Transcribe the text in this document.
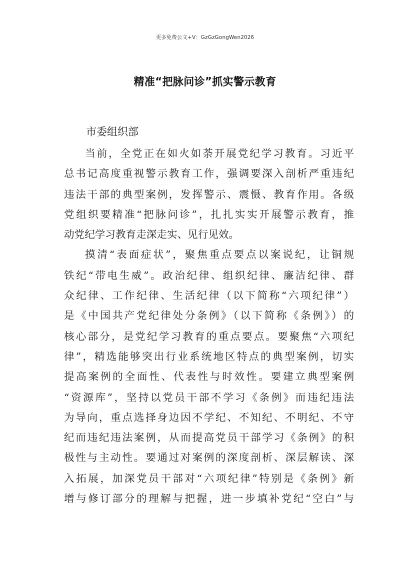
更多免费公文+V：GzGzGongWen2026
精准“把脉问诊”抓实警示教育
市委组织部
当前，全党正在如火如荼开展党纪学习教育。习近平
总书记高度重视警示教育工作，强调要深入剖析严重违纪
违法干部的典型案例，发挥警示、震慑、教育作用。各级
党组织要精准“把脉问诊”，扎扎实实开展警示教育，推
动党纪学习教育走深走实、见行见效。
摸清“表面症状”，聚焦重点要点以案说纪，让铜规
铁纪“带电生威”。政治纪律、组织纪律、廉洁纪律、群
众纪律、工作纪律、生活纪律（以下简称“六项纪律”）
是《中国共产党纪律处分条例》（以下简称《条例》）的
核心部分，是党纪学习教育的重点要点。要聚焦“六项纪
律”，精选能够突出行业系统地区特点的典型案例，切实
提高案例的全面性、代表性与时效性。要建立典型案例
“资源库”，坚持以党员干部不学习《条例》而违纪违法
为导向，重点选择身边因不学纪、不知纪、不明纪、不守
纪而违纪违法案例，从而提高党员干部学习《条例》的积
极性与主动性。要通过对案例的深度剖析、深层解读、深
入拓展，加深党员干部对“六项纪律”特别是《条例》新
增与修订部分的理解与把握，进一步填补党纪“空白”与
